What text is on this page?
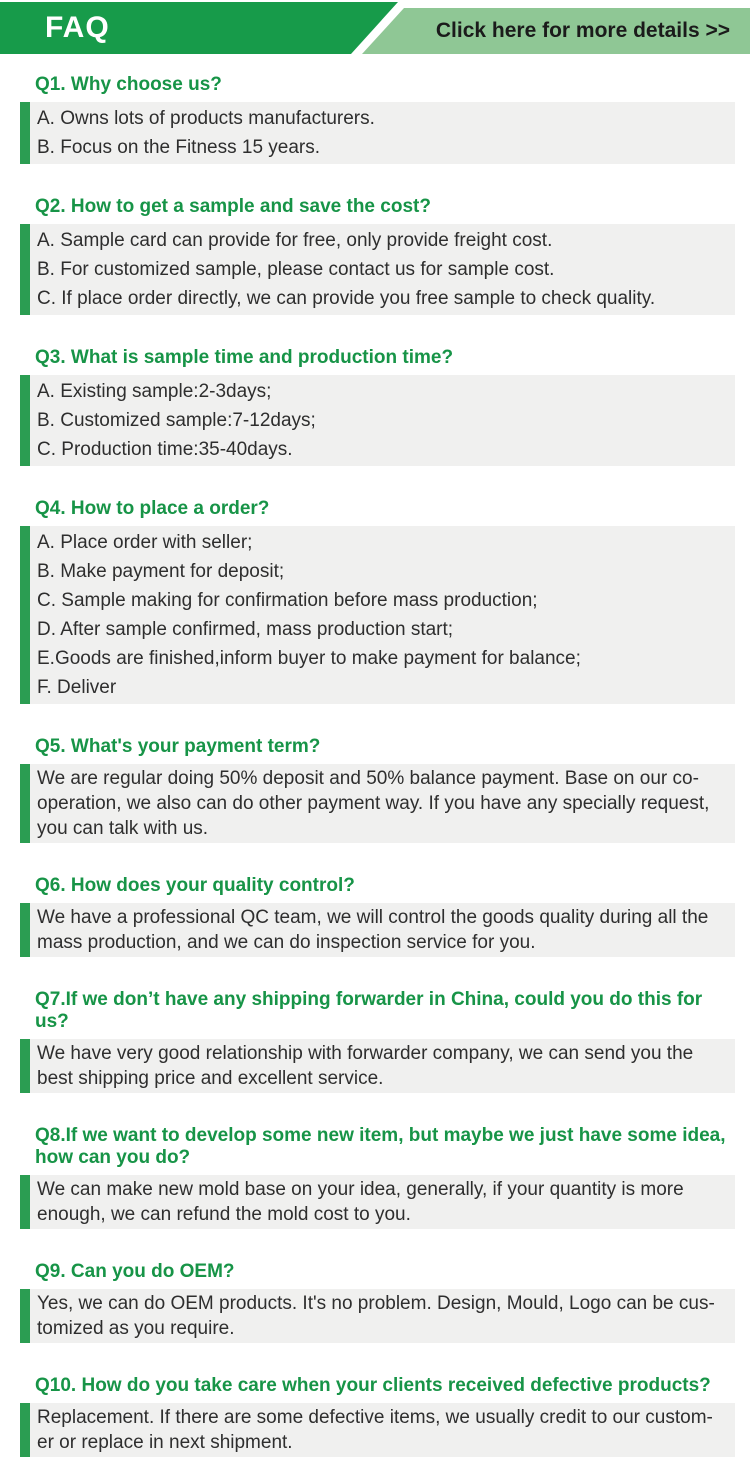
FAQ	Click here for more details >>
Q1. Why choose us?
A. Owns lots of products manufacturers.
B. Focus on the Fitness 15 years.
Q2. How to get a sample and save the cost?
A. Sample card can provide for free, only provide freight cost.
B. For customized sample, please contact us for sample cost.
C. If place order directly, we can provide you free sample to check quality.
Q3. What is sample time and production time?
A. Existing sample:2-3days;
B. Customized sample:7-12days;
C. Production time:35-40days.
Q4. How to place a order?
A. Place order with seller;
B. Make payment for deposit;
C. Sample making for confirmation before mass production;
D. After sample confirmed, mass production start;
E.Goods are finished,inform buyer to make payment for balance;
F. Deliver
Q5. What's your payment term?
We are regular doing 50% deposit and 50% balance payment. Base on our co-
operation, we also can do other payment way. If you have any specially request,
you can talk with us.
Q6. How does your quality control?
We have a professional QC team, we will control the goods quality during all the
mass production, and we can do inspection service for you.
Q7.If we don’t have any shipping forwarder in China, could you do this for us?
We have very good relationship with forwarder company, we can send you the
best shipping price and excellent service.
Q8.If we want to develop some new item, but maybe we just have some idea, how can you do?
We can make new mold base on your idea, generally, if your quantity is more
enough, we can refund the mold cost to you.
Q9. Can you do OEM?
Yes, we can do OEM products. It's no problem. Design, Mould, Logo can be cus-
tomized as you require.
Q10. How do you take care when your clients received defective products?
Replacement. If there are some defective items, we usually credit to our custom-
er or replace in next shipment.
